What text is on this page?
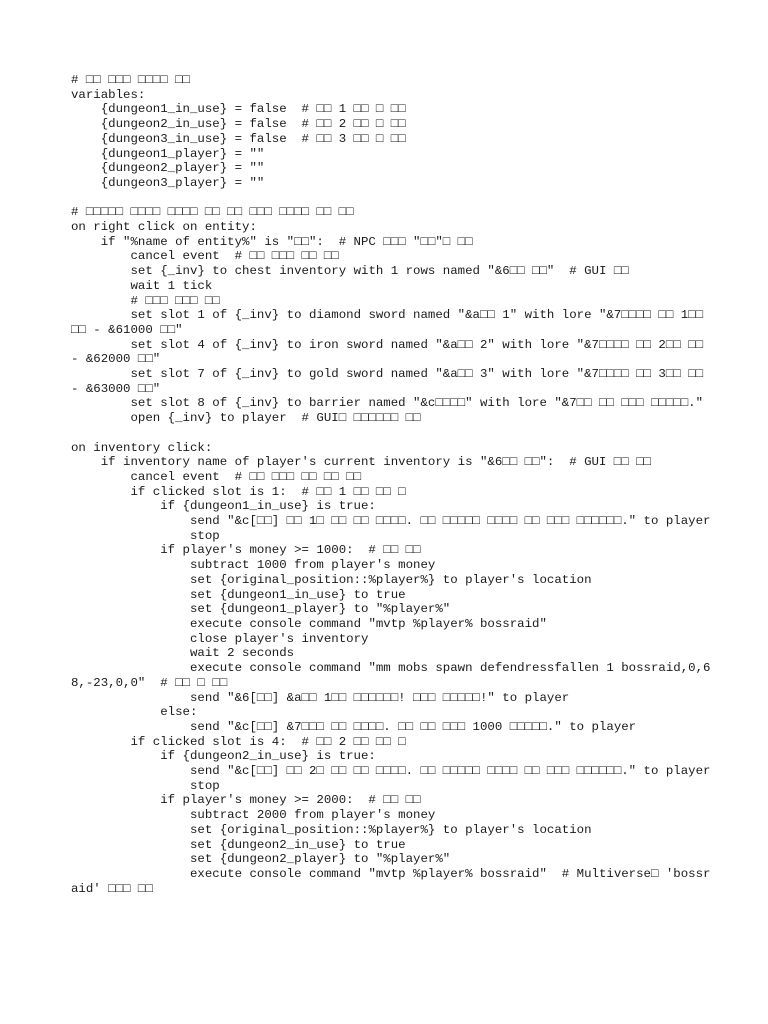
# □□ □□□ □□□□ □□
variables:
{dungeon1_in_use} = false  # □□ 1 □□ □ □□
{dungeon2_in_use} = false  # □□ 2 □□ □ □□
{dungeon3_in_use} = false  # □□ 3 □□ □ □□
{dungeon1_player} = ""
{dungeon2_player} = ""
{dungeon3_player} = ""
# □□□□□ □□□□ □□□□ □□ □□ □□□ □□□□ □□ □□
on right click on entity:
if "%name of entity%" is "□□":  # NPC □□□ "□□"□ □□
cancel event  # □□ □□□ □□ □□
set {_inv} to chest inventory with 1 rows named "&6□□ □□"  # GUI □□
wait 1 tick
# □□□ □□□ □□
set slot 1 of {_inv} to diamond sword named "&a□□ 1" with lore "&7□□□□ □□ 1□□ □□ - &61000 □□"
set slot 4 of {_inv} to iron sword named "&a□□ 2" with lore "&7□□□□ □□ 2□□ □□ - &62000 □□"
set slot 7 of {_inv} to gold sword named "&a□□ 3" with lore "&7□□□□ □□ 3□□ □□ - &63000 □□"
set slot 8 of {_inv} to barrier named "&c□□□□" with lore "&7□□ □□ □□□ □□□□□."
open {_inv} to player  # GUI□ □□□□□□ □□
on inventory click:
if inventory name of player's current inventory is "&6□□ □□":  # GUI □□ □□
cancel event  # □□ □□□ □□ □□ □□
if clicked slot is 1:  # □□ 1 □□ □□ □
if {dungeon1_in_use} is true:
send "&c[□□] □□ 1□ □□ □□ □□□□. □□ □□□□□ □□□□ □□ □□□ □□□□□□." to player
stop
if player's money >= 1000:  # □□ □□
subtract 1000 from player's money
set {original_position::%player%} to player's location
set {dungeon1_in_use} to true
set {dungeon1_player} to "%player%"
execute console command "mvtp %player% bossraid"
close player's inventory
wait 2 seconds
execute console command "mm mobs spawn defendressfallen 1 bossraid,0,68,-23,0,0"  # □□ □ □□
send "&6[□□] &a□□ 1□□ □□□□□□! □□□ □□□□□!" to player
else:
send "&c[□□] &7□□□ □□ □□□□. □□ □□ □□□ 1000 □□□□□." to player
if clicked slot is 4:  # □□ 2 □□ □□ □
if {dungeon2_in_use} is true:
send "&c[□□] □□ 2□ □□ □□ □□□□. □□ □□□□□ □□□□ □□ □□□ □□□□□□." to player
stop
if player's money >= 2000:  # □□ □□
subtract 2000 from player's money
set {original_position::%player%} to player's location
set {dungeon2_in_use} to true
set {dungeon2_player} to "%player%"
execute console command "mvtp %player% bossraid"  # Multiverse□ 'bossraid' □□□ □□
